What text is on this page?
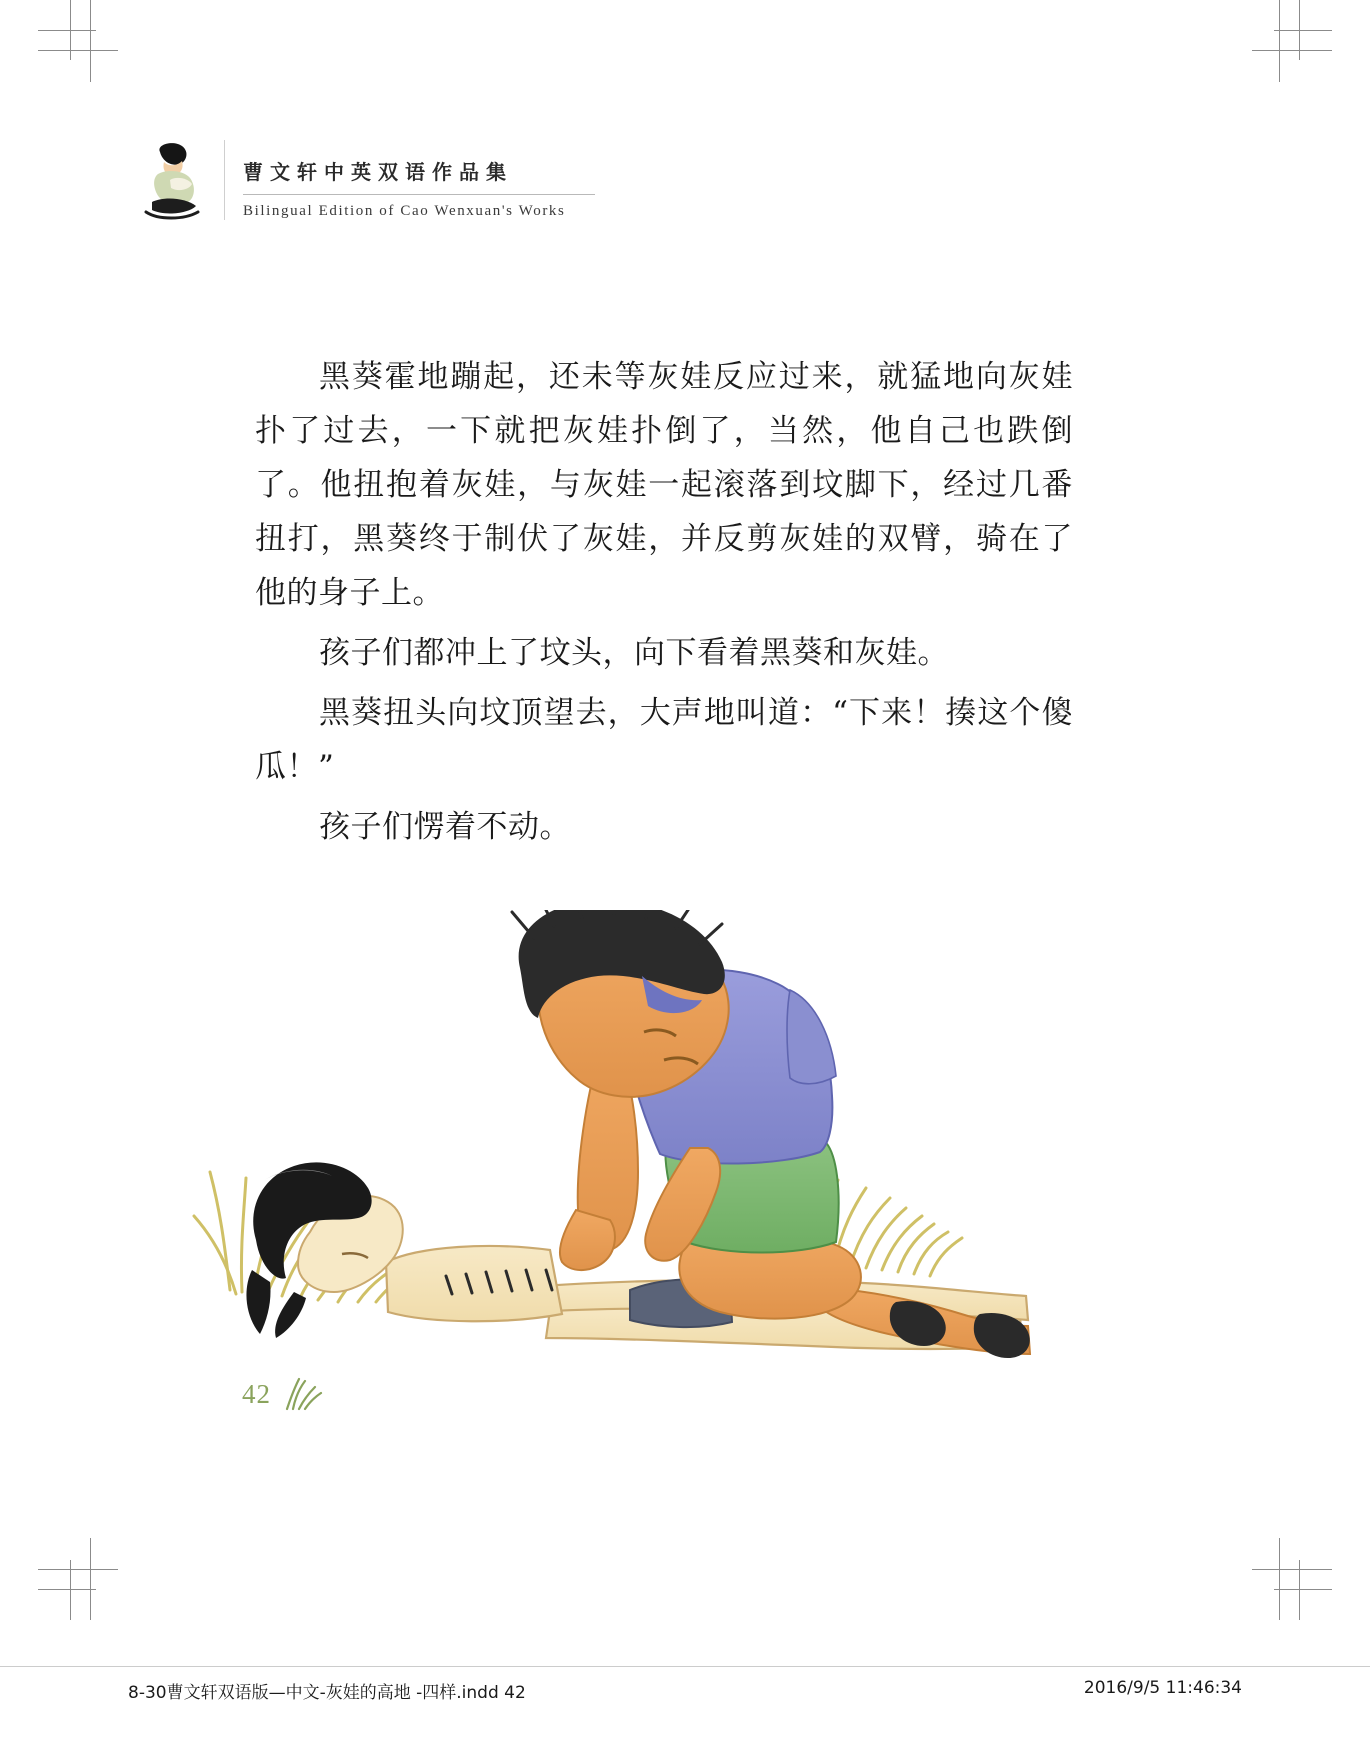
曹文轩中英双语作品集
Bilingual Edition of Cao Wenxuan's Works

黑葵霍地蹦起，还未等灰娃反应过来，就猛地向灰娃扑了过去，一下就把灰娃扑倒了，当然，他自己也跌倒了。他扭抱着灰娃，与灰娃一起滚落到坟脚下，经过几番扭打，黑葵终于制伏了灰娃，并反剪灰娃的双臂，骑在了他的身子上。

孩子们都冲上了坟头，向下看着黑葵和灰娃。

黑葵扭头向坟顶望去，大声地叫道：“下来！揍这个傻瓜！”

孩子们愣着不动。

42
8-30曹文轩双语版—中文-灰娃的高地 -四样.indd 42	2016/9/5 11:46:34
